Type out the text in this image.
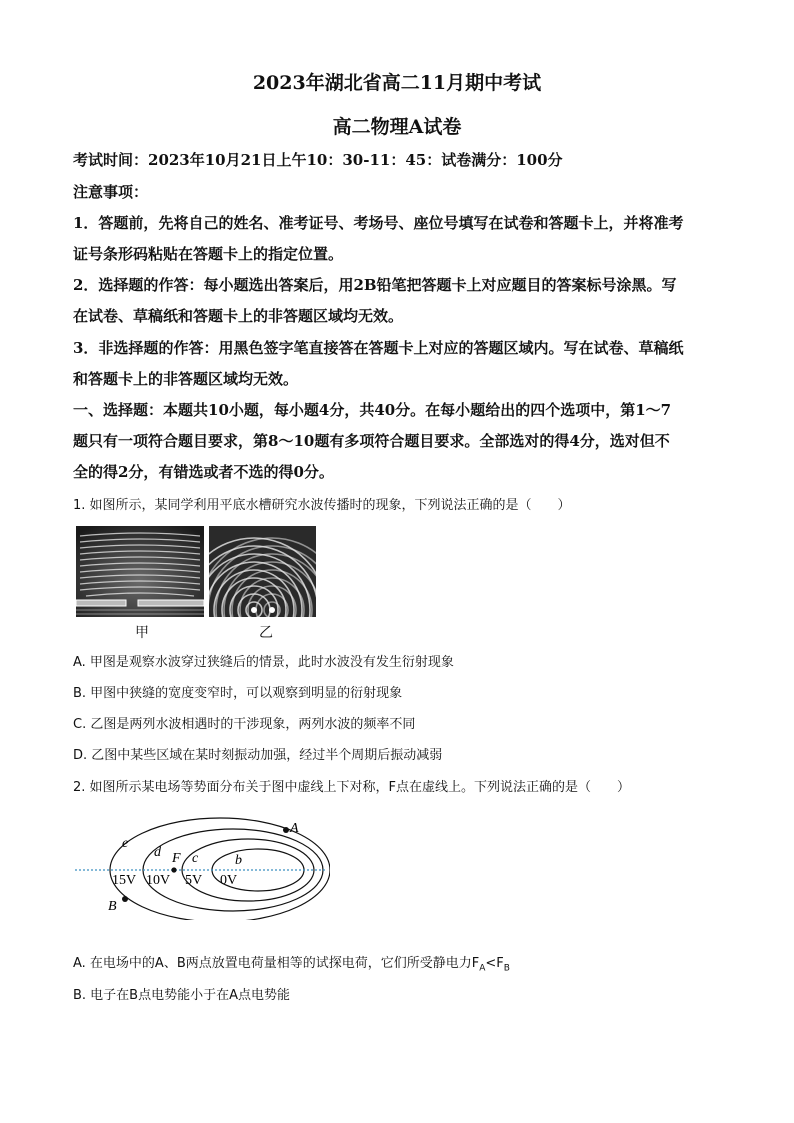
2023年湖北省高二11月期中考试
高二物理A试卷
考试时间：2023年10月21日上午10：30-11：45：试卷满分：100分
注意事项：
1．答题前，先将自己的姓名、准考证号、考场号、座位号填写在试卷和答题卡上，并将准考
证号条形码粘贴在答题卡上的指定位置。
2．选择题的作答：每小题选出答案后，用2B铅笔把答题卡上对应题目的答案标号涂黑。写
在试卷、草稿纸和答题卡上的非答题区域均无效。
3．非选择题的作答：用黑色签字笔直接答在答题卡上对应的答题区域内。写在试卷、草稿纸
和答题卡上的非答题区域均无效。
一、选择题：本题共10小题，每小题4分，共40分。在每小题给出的四个选项中，第1～7
题只有一项符合题目要求，第8～10题有多项符合题目要求。全部选对的得4分，选对但不
全的得2分，有错选或者不选的得0分。
1. 如图所示，某同学利用平底水槽研究水波传播时的现象，下列说法正确的是（　　）
甲	乙
A. 甲图是观察水波穿过狭缝后的情景，此时水波没有发生衍射现象
B. 甲图中狭缝的宽度变窄时，可以观察到明显的衍射现象
C. 乙图是两列水波相遇时的干涉现象，两列水波的频率不同
D. 乙图中某些区域在某时刻振动加强，经过半个周期后振动减弱
2. 如图所示某电场等势面分布关于图中虚线上下对称，F点在虚线上。下列说法正确的是（　　）
e
d F c	b
A
B
15V 10V 5V 0V
A. 在电场中的A、B两点放置电荷量相等的试探电荷，它们所受静电力$F_A<F_B$
B. 电子在B点电势能小于在A点电势能
